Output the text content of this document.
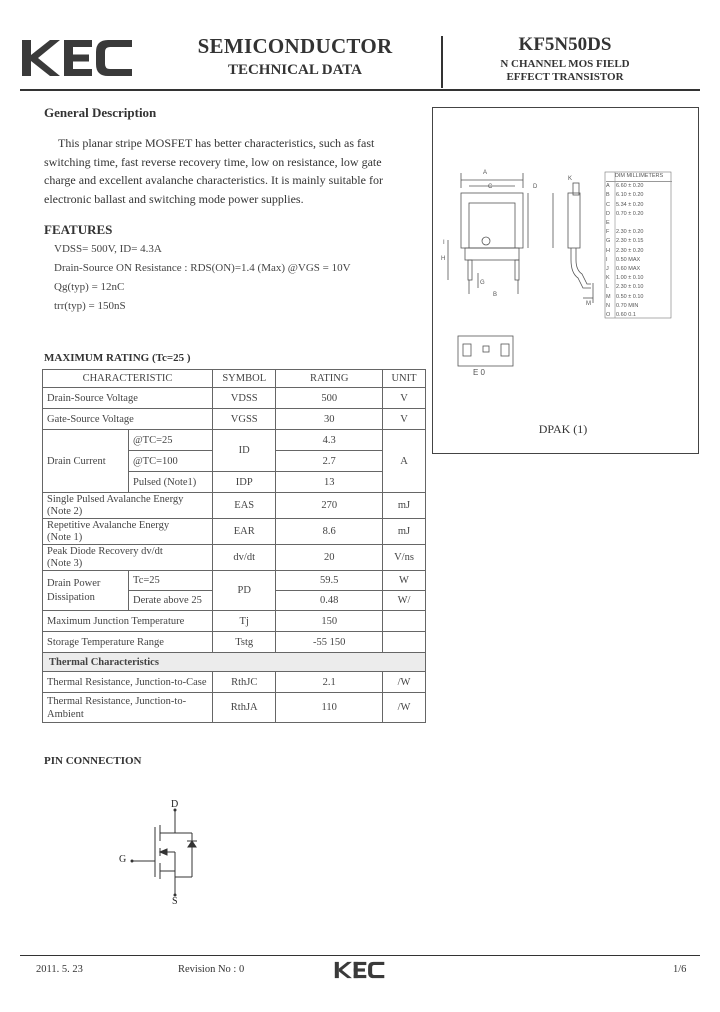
SEMICONDUCTOR
TECHNICAL DATA
KF5N50DS
N CHANNEL MOS FIELD
EFFECT TRANSISTOR
General Description
This planar stripe MOSFET has better characteristics, such as fast
switching time, fast reverse recovery time, low on resistance, low gate
charge and excellent avalanche characteristics. It is mainly suitable for
electronic ballast and switching mode power supplies.
FEATURES
VDSS= 500V, ID= 4.3A
Drain-Source ON Resistance : RDS(ON)=1.4 (Max) @VGS = 10V
Qg(typ) = 12nC
trr(typ) = 150nS
A
C	D
K
H
G
B
M
I
DIM MILLIMETERS
A 6.60 ± 0.20
B 6.10 ± 0.20
C 5.34 ± 0.20
D 0.70 ± 0.20
E
F 2.30 ± 0.20
G 2.30 ± 0.15
H 2.30 ± 0.20
I 0.50 MAX
J 0.60 MAX
K 1.00 ± 0.10
L 2.30 ± 0.10
M 0.50 ± 0.10
N 0.70 MIN
O 0.60 0.1
E 0
DPAK (1)
MAXIMUM RATING (Tc=25 )
CHARACTERISTIC		SYMBOL	RATING	UNIT
Drain-Source Voltage		VDSS	500	V
Gate-Source Voltage		VGSS	30	V
Drain Current	@TC=25	ID	4.3	A
	@TC=100		2.7	
	Pulsed (Note1)	IDP	13	

Single Pulsed Avalanche Energy
(Note 2)		EAS	270	mJ

Repetitive Avalanche Energy
(Note 1)		EAR	8.6	mJ

Peak Diode Recovery dv/dt
(Note 3)		dv/dt	20	V/ns

Drain Power
Dissipation	Tc=25	PD	59.5	W
	Derate above 25		0.48	W/
Maximum Junction Temperature		Tj	150	
Storage Temperature Range		Tstg	-55 150	
Thermal Characteristics				
Thermal Resistance, Junction-to-Case		RthJC	2.1	/W

Thermal Resistance, Junction-to-
Ambient		RthJA	110	/W
PIN CONNECTION
D
G
S
2011. 5. 23	Revision No : 0	1/6
